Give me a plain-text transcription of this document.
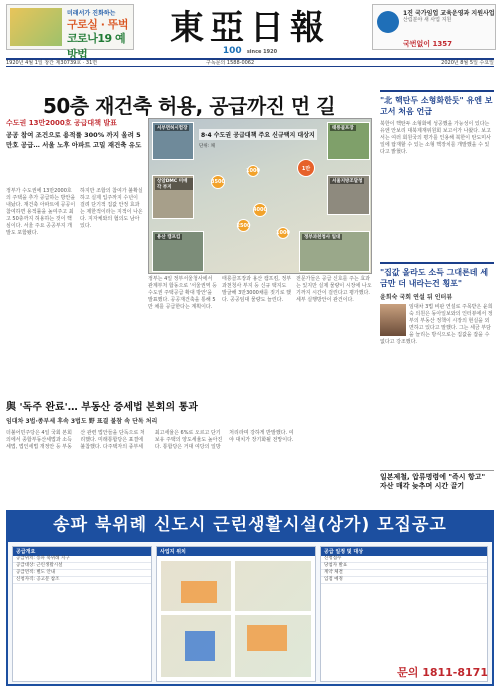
미래서가 진화하는
구로실 · 뚜벅
코로나19 예방법
東亞日報
100 since 1920
1진 국가임업 교육운영과 지원사업
산림분야 새 사업 지원
국번없이 1357
1920년 4월 1일 창간 제30739호 · 31면	구독문의 1588-0062	2020년 8월 5일 수요일
50층 재건축 허용, 공급까진 먼 길
수도권 13만2000호 공급대책 발표
공공 참여 조건으로 용적률 300% 까지 올려 5만호 공급… 서울 노후 아파트 고밀 재건축 유도
정부가 수도권에 13만2000호의 주택을 추가 공급하는 방안을 내놨다. 재건축 아파트에 공공이 참여하면 용적률을 높여주고 최고 50층까지 허용하는 것이 핵심이다. 서울 주요 공공부지 개발도 포함됐다.
하지만 조합의 참여가 불확실하고 실제 입주까지 수년이 걸려 단기적 집값 안정 효과는 제한적이라는 지적이 나온다. 지자체와의 협의도 남아 있다.
서부면허시험장	태릉골프장
상암DMC 미매각 부지
서울지방조달청
용산 캠프킴	정부과천청사 일대
8·4 수도권 공급대책 주요 신규택지 대상지
단위: 채
3500
1000	1만
4000
2500
1000
정부는 4일 정부서울청사에서 관계부처 합동으로 '서울권역 등 수도권 주택공급 확대 방안'을 발표했다. 공공재건축을 통해 5만 채를 공급한다는 계획이다.
태릉골프장과 용산 캠프킴, 정부과천청사 부지 등 신규 택지도 발굴해 3만3000채를 짓기로 했다. 공공임대 물량도 늘린다.
전문가들은 공급 신호를 주는 효과는 있지만 실제 물량이 시장에 나오기까지 시간이 걸린다고 평가했다. 세부 실행방안이 관건이다.
與 '독주 완료'… 부동산 증세법 본회의 통과
임대차 3법·종부세 후속 3법도 野 표결 불참 속 단독 처리
더불어민주당은 4일 국회 본회의에서 종합부동산세법과 소득세법, 법인세법 개정안 등 부동산 관련 법안들을 단독으로 처리했다. 미래통합당은 표결에 불참했다. 다주택자의 종부세 최고세율은 6%로 오르고 단기 보유 주택의 양도세율도 높아진다. 통합당은 거대 여당의 일방 처리라며 강하게 반발했다. 여야 대치가 장기화될 전망이다.
"北 핵탄두 소형화한듯" 유엔 보고서 처음 언급
북한이 핵탄두 소형화에 성공했을 가능성이 있다는 유엔 안보리 대북제재위원회 보고서가 나왔다. 보고서는 여러 회원국의 평가를 인용해 북한이 탄도미사일에 탑재할 수 있는 소형 핵장치를 개발했을 수 있다고 밝혔다.
"집값 올라도 소득 그대론데 세금만 더 내라는건 횡포"
윤희숙 국회 연설 뒤 인터뷰
임대차 3법 비판 연설로 주목받은 윤희숙 의원은 동아일보와의 인터뷰에서 정부의 부동산 정책이 시장의 현실을 외면하고 있다고 말했다. 그는 세금 부담을 늘리는 방식으로는 집값을 잡을 수 없다고 강조했다.
일본제철, 압류명령에 "즉시 항고" 자산 매각 늦추며 시간 끌기
송파 북위례 신도시 근린생활시설(상가) 모집공고
공급개요
공급위치: 송파 북위례 지구
공급대상: 근린생활시설
공급면적: 별도 안내
신청자격: 공고문 참조
사업지 위치	공급 일정 및 대상
신청접수
당첨자 발표
계약 체결
입점 예정
문의 1811-8171
